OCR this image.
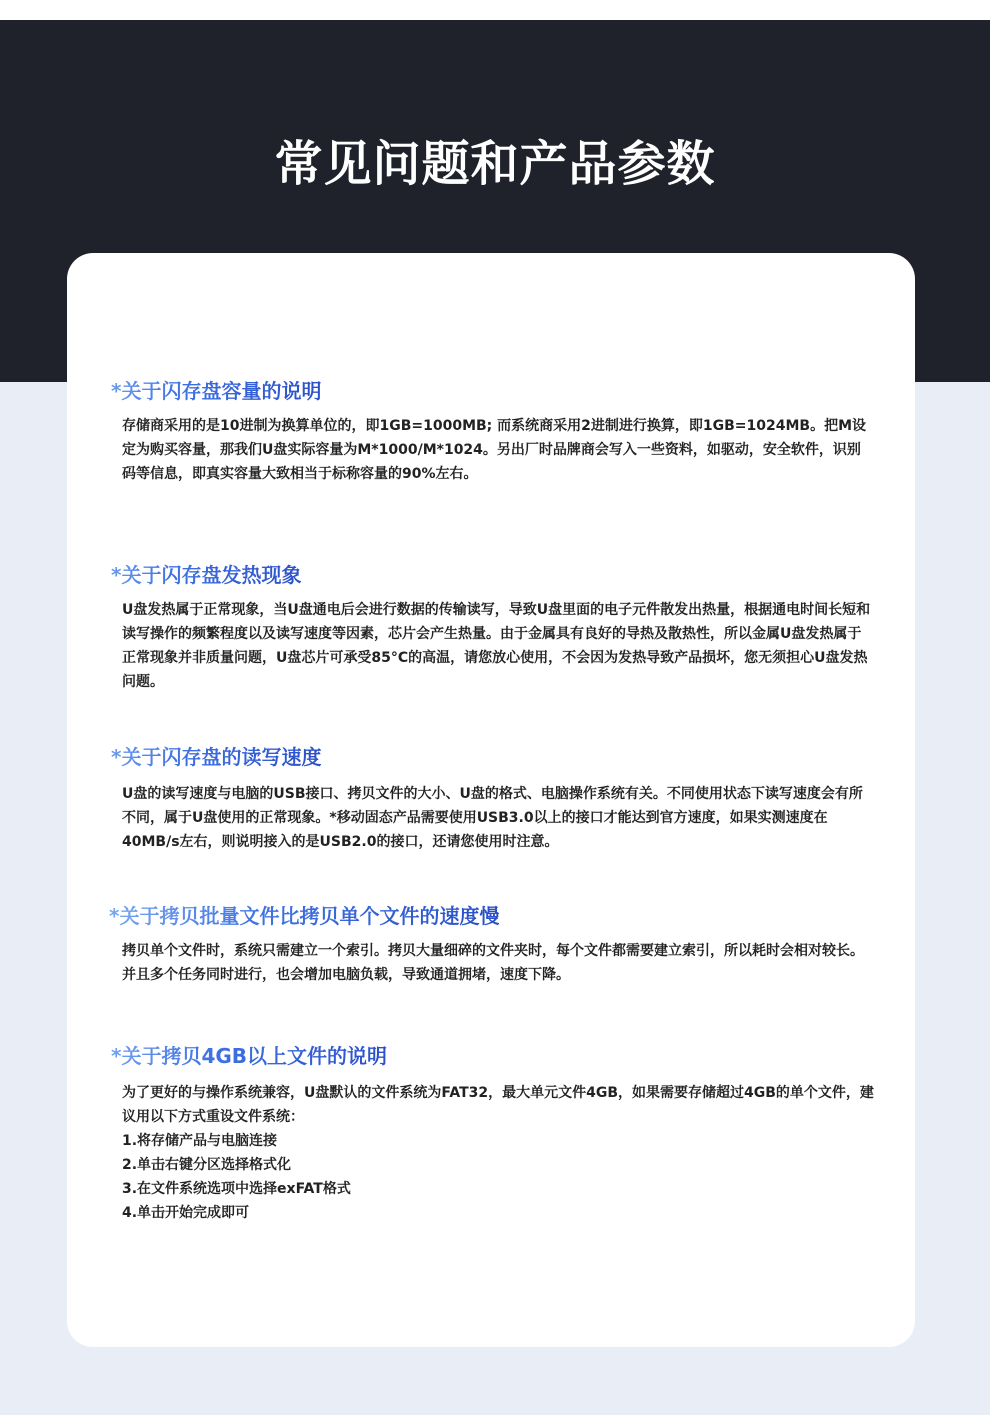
常见问题和产品参数
*关于闪存盘容量的说明

存储商采用的是10进制为换算单位的，即1GB=1000MB; 而系统商采用2进制进行换算，即1GB=1024MB。把M设定为购买容量，那我们U盘实际容量为M*1000/M*1024。另出厂时品牌商会写入一些资料，如驱动，安全软件，识别码等信息，即真实容量大致相当于标称容量的90%左右。

*关于闪存盘发热现象

U盘发热属于正常现象，当U盘通电后会进行数据的传输读写，导致U盘里面的电子元件散发出热量，根据通电时间长短和读写操作的频繁程度以及读写速度等因素，芯片会产生热量。由于金属具有良好的导热及散热性，所以金属U盘发热属于正常现象并非质量问题，U盘芯片可承受85°C的高温，请您放心使用，不会因为发热导致产品损坏，您无须担心U盘发热问题。

*关于闪存盘的读写速度

U盘的读写速度与电脑的USB接口、拷贝文件的大小、U盘的格式、电脑操作系统有关。不同使用状态下读写速度会有所不同，属于U盘使用的正常现象。*移动固态产品需要使用USB3.0以上的接口才能达到官方速度，如果实测速度在40MB/s左右，则说明接入的是USB2.0的接口，还请您使用时注意。

*关于拷贝批量文件比拷贝单个文件的速度慢

拷贝单个文件时，系统只需建立一个索引。拷贝大量细碎的文件夹时，每个文件都需要建立索引，所以耗时会相对较长。并且多个任务同时进行，也会增加电脑负载，导致通道拥堵，速度下降。

*关于拷贝4GB以上文件的说明

为了更好的与操作系统兼容，U盘默认的文件系统为FAT32，最大单元文件4GB，如果需要存储超过4GB的单个文件，建议用以下方式重设文件系统：

1.将存储产品与电脑连接
2.单击右键分区选择格式化
3.在文件系统选项中选择exFAT格式
4.单击开始完成即可
